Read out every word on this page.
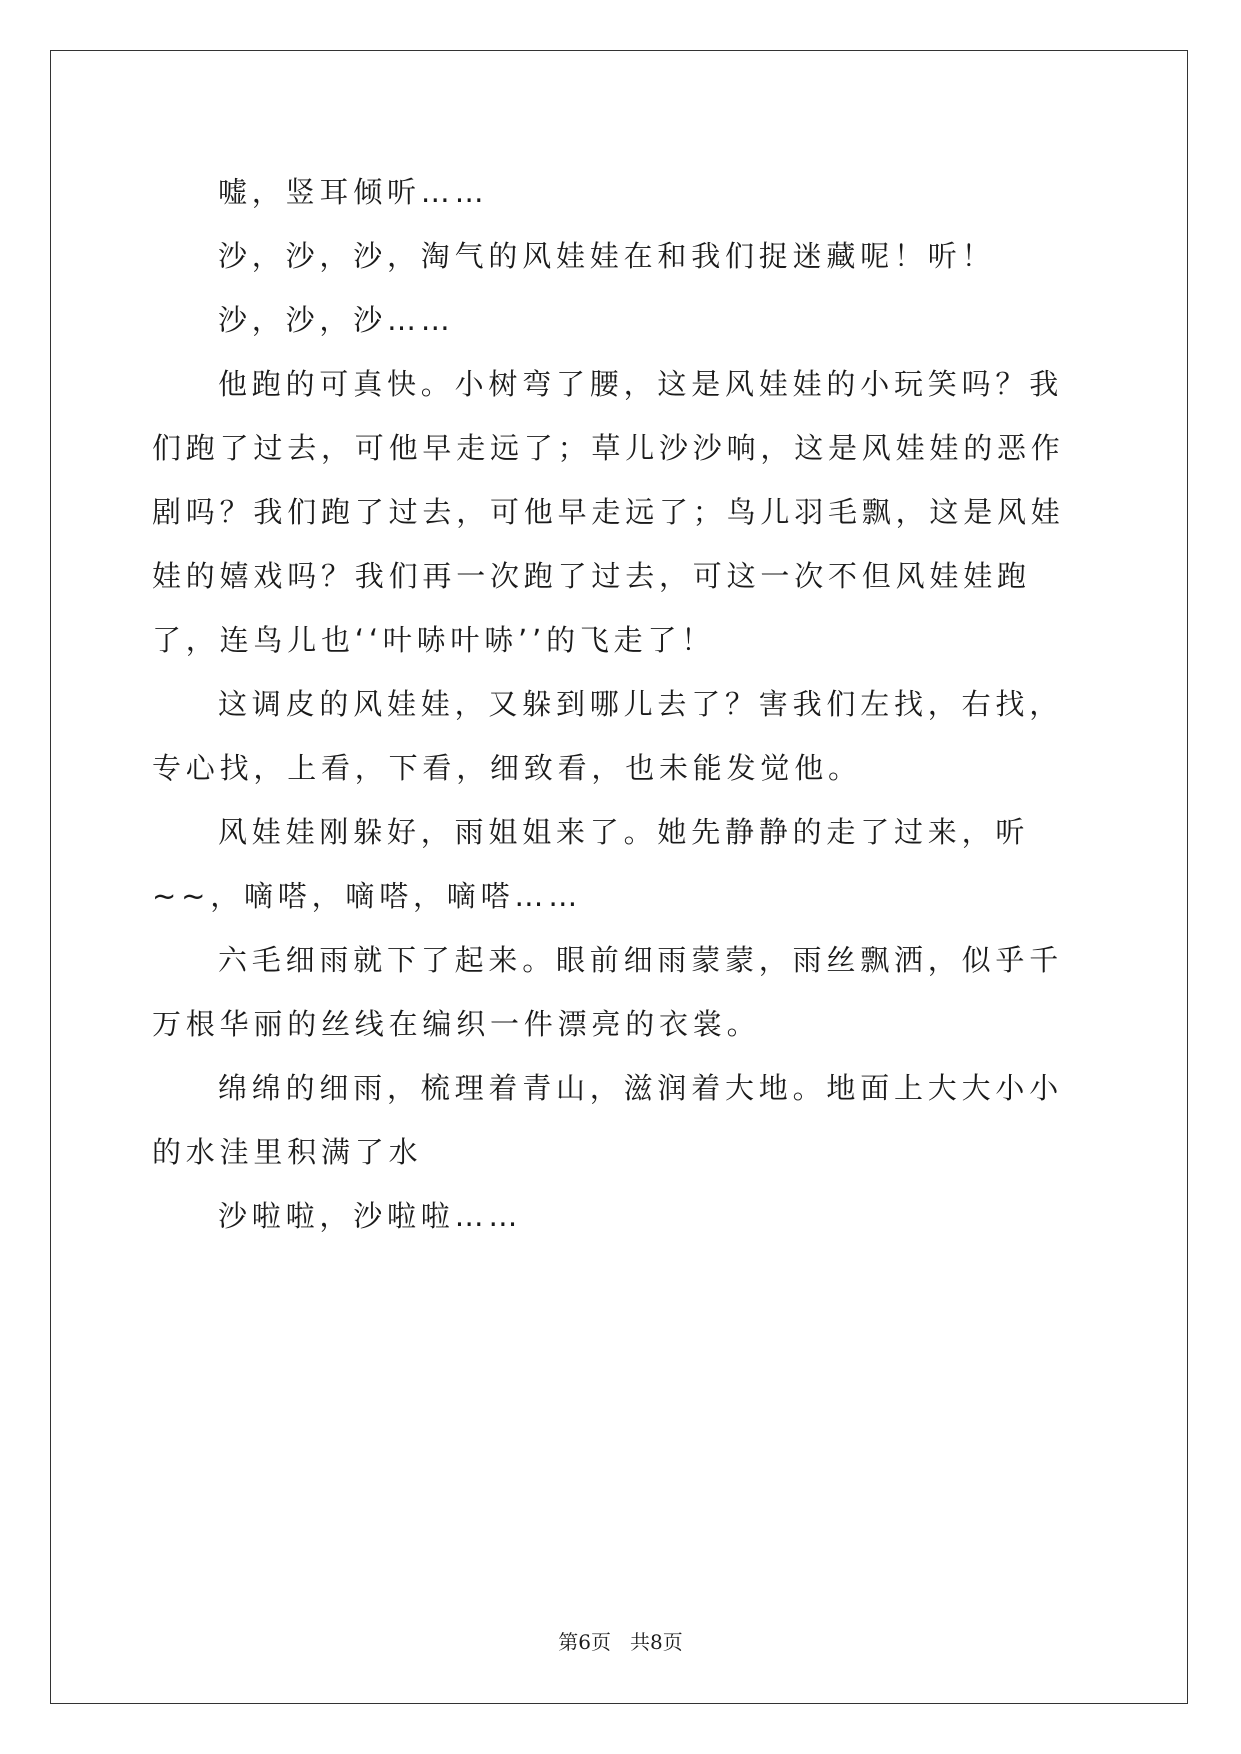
嘘，竖耳倾听……

沙，沙，沙，淘气的风娃娃在和我们捉迷藏呢！听！

沙，沙，沙……

他跑的可真快。小树弯了腰，这是风娃娃的小玩笑吗？我们跑了过去，可他早走远了；草儿沙沙响，这是风娃娃的恶作剧吗？我们跑了过去，可他早走远了；鸟儿羽毛飘，这是风娃娃的嬉戏吗？我们再一次跑了过去，可这一次不但风娃娃跑了，连鸟儿也‘‘叶哧叶哧’’的飞走了！

这调皮的风娃娃，又躲到哪儿去了？害我们左找，右找，专心找，上看，下看，细致看，也未能发觉他。

风娃娃刚躲好，雨姐姐来了。她先静静的走了过来，听~~，嘀嗒，嘀嗒，嘀嗒……

六毛细雨就下了起来。眼前细雨蒙蒙，雨丝飘洒，似乎千万根华丽的丝线在编织一件漂亮的衣裳。

绵绵的细雨，梳理着青山，滋润着大地。地面上大大小小的水洼里积满了水

沙啦啦，沙啦啦……

第6页 共8页
